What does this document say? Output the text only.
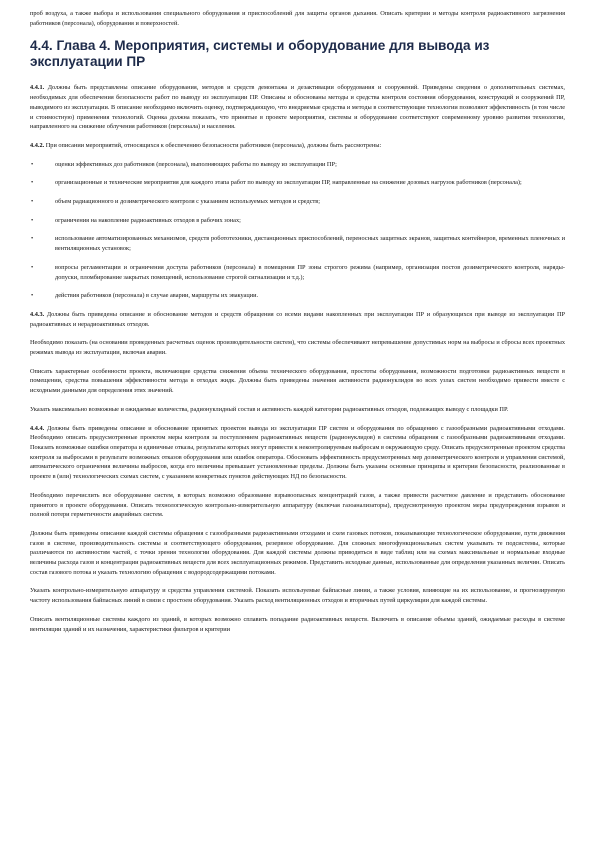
проб воздуха, а также выбора и использования специального оборудования и приспособлений для защиты органов дыхания. Описать критерии и методы контроля радиоактивного загрязнения работников (персонала), оборудования и поверхностей.

4.4. Глава 4. Мероприятия, системы и оборудование для вывода из эксплуатации ПР

4.4.1. Должны быть представлены описание оборудования, методов и средств демонтажа и дезактивации оборудования и сооружений. Приведены сведения о дополнительных системах, необходимых для обеспечения безопасности работ по выводу из эксплуатации ПР. Описаны и обоснованы методы и средства контроля состояния оборудования, конструкций и сооружений ПР, выводимого из эксплуатации. В описание необходимо включить оценку, подтверждающую, что внедряемые средства и методы в соответствующие технологии позволяют эффективность (в том числе и стоимостную) применения технологий. Оценка должна показать, что принятые в проекте мероприятия, системы и оборудование соответствуют современному уровню развития технологии, направленного на снижение облучения работников (персонала) и населения.

4.4.2. При описании мероприятий, относящихся к обеспечению безопасности работников (персонала), должны быть рассмотрены:

•	оценки эффективных доз работников (персонала), выполняющих работы по выводу из эксплуатации ПР;
•	организационные и технические мероприятия для каждого этапа работ по выводу из эксплуатации ПР, направленные на снижение дозовых нагрузок работников (персонала);
•	объем радиационного и дозиметрического контроля с указанием используемых методов и средств;
•	ограничения на накопление радиоактивных отходов в рабочих зонах;
•	использование автоматизированных механизмов, средств робототехники, дистанционных приспособлений, переносных защитных экранов, защитных контейнеров, временных пленочных и вентиляционных установок;
•	вопросы регламентации и ограничения доступа работников (персонала) в помещения ПР зоны строгого режима (например, организация постов дозиметрического контроля, наряды-допуски, пломбирование закрытых помещений, использование строгой сигнализации и т.д.);
•	действия работников (персонала) в случае аварии, маршруты их эвакуации.

4.4.3. Должны быть приведены описание и обоснование методов и средств обращения со всеми видами накопленных при эксплуатации ПР и образующихся при выводе из эксплуатации ПР радиоактивных и нерадиоактивных отходов.

Необходимо показать (на основании проведенных расчетных оценок производительности систем), что системы обеспечивают непревышение допустимых норм на выбросы и сбросы всех проектных режимах вывода из эксплуатации, включая аварии.

Описать характерные особенности проекта, включающие средства снижения объема технического оборудования, простоты оборудования, возможности подготовки радиоактивных веществ в помещении, средства повышения эффективности метода в отходах жидк. Должны быть приведены значения активности радионуклидов во всех узлах систем необходимо привести вместе с исходными данными для определения этих значений.

Указать максимально возможные и ожидаемые количества, радионуклидный состав и активность каждой категории радиоактивных отходов, подлежащих выводу с площадки ПР.

4.4.4. Должны быть приведены описание и обоснование принятых проектом вывода из эксплуатации ПР систем и оборудования по обращению с газообразными радиоактивными отходами. Необходимо описать предусмотренные проектом меры контроля за поступлением радиоактивных веществ (радионуклидов) в системы обращения с газообразными радиоактивными отходами. Показать возможные ошибки оператора и единичные отказы, результаты которых могут привести к неконтролируемым выбросам в окружающую среду. Описать предусмотренные проектом средства контроля за выбросами в результате возможных отказов оборудования или ошибок оператора. Обосновать эффективность предусмотренных мер дозиметрического контроля и управления системой, автоматического ограничения величины выбросов, когда его величины превышает установленные пределы. Должны быть указаны основные принципы и критерии безопасности, реализованные в проекте в (или) технологических схемах систем, с указанием конкретных пунктов действующих НД по безопасности.

Необходимо перечислить все оборудование систем, в которых возможно образование взрывоопасных концентраций газов, а также привести расчетное давление и представить обоснование принятого в проекте оборудования. Описать технологическую контрольно-измерительную аппаратуру (включая газоанализаторы), предусмотренную проектом меры предупреждения взрывов и полной потери герметичности аварийных систем.

Должны быть приведены описание каждой системы обращения с газообразными радиоактивными отходами и схем газовых потоков, показывающие технологическое оборудование, пути движения газов в системе, производительность системы и соответствующего оборудования, резервное оборудование. Для сложных многофункциональных систем указывать те подсистемы, которые различаются по активностям частей, с точки зрения технологии оборудования. Для каждой системы должны приводиться в виде таблиц или на схемах максимальные и нормальные входные величины расхода газов и концентрации радиоактивных веществ для всех эксплуатационных режимов. Представить исходные данные, использованные для определения указанных величин. Описать состав газового потока и указать технологию обращения с водородсодержащими потоками.

Указать контрольно-измерительную аппаратуру и средства управления системой. Показать используемые байпасные линии, а также условия, влияющие на их использование, и прогнозируемую частоту использования байпасных линий в связи с простоем оборудования. Указать расход вентиляционных отходов и вторичных путей циркуляции для каждой системы.

Описать вентиляционные системы каждого из зданий, в которых возможно сплавить попадание радиоактивных веществ. Включить в описание объемы зданий, ожидаемые расходы в системе вентиляции зданий и их назначения, характеристики фильтров и критерии
